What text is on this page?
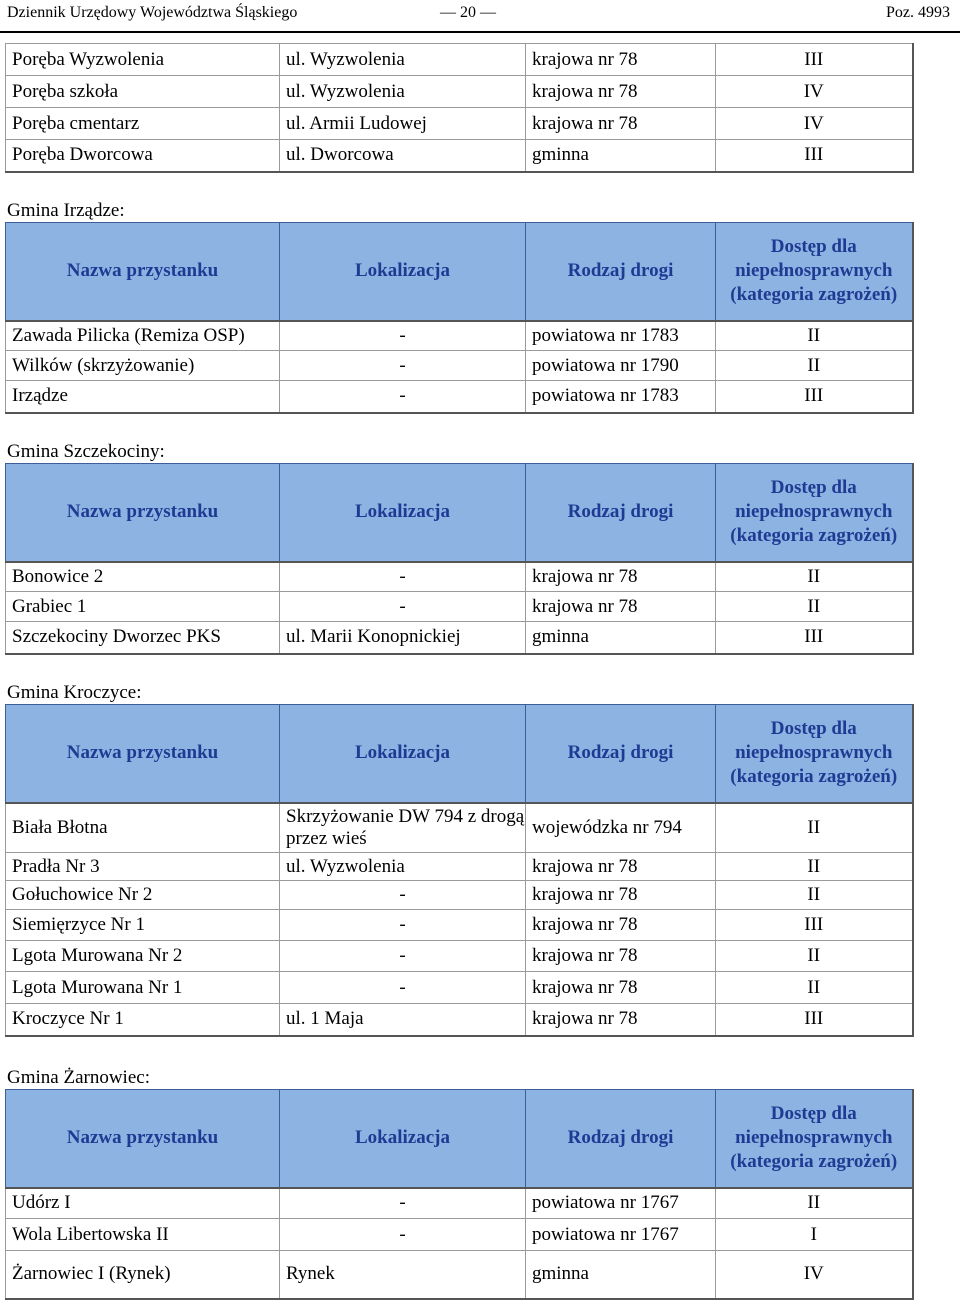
Dziennik Urzędowy Województwa Śląskiego	— 20 —	Poz. 4993
Poręba Wyzwolenia	ul. Wyzwolenia	krajowa nr 78	III
Poręba szkoła	ul. Wyzwolenia	krajowa nr 78	IV
Poręba cmentarz	ul. Armii Ludowej	krajowa nr 78	IV
Poręba Dworcowa	ul. Dworcowa	gminna	III
Gmina Irządze:
Nazwa przystanku	Lokalizacja	Rodzaj drogi	Dostęp dla niepełnosprawnych (kategoria zagrożeń)
Zawada Pilicka (Remiza OSP)	-	powiatowa nr 1783	II
Wilków (skrzyżowanie)	-	powiatowa nr 1790	II
Irządze	-	powiatowa nr 1783	III
Gmina Szczekociny:
Nazwa przystanku	Lokalizacja	Rodzaj drogi	Dostęp dla niepełnosprawnych (kategoria zagrożeń)
Bonowice 2	-	krajowa nr 78	II
Grabiec 1	-	krajowa nr 78	II
Szczekociny Dworzec PKS	ul. Marii Konopnickiej	gminna	III
Gmina Kroczyce:
Nazwa przystanku	Lokalizacja	Rodzaj drogi	Dostęp dla niepełnosprawnych (kategoria zagrożeń)
Biała Błotna	Skrzyżowanie DW 794 z drogą przez wieś	wojewódzka nr 794	II
Pradła Nr 3	ul. Wyzwolenia	krajowa nr 78	II
Gołuchowice Nr 2	-	krajowa nr 78	II
Siemięrzyce Nr 1	-	krajowa nr 78	III
Lgota Murowana Nr 2	-	krajowa nr 78	II
Lgota Murowana Nr 1	-	krajowa nr 78	II
Kroczyce Nr 1	ul. 1 Maja	krajowa nr 78	III
Gmina Żarnowiec:
Nazwa przystanku	Lokalizacja	Rodzaj drogi	Dostęp dla niepełnosprawnych (kategoria zagrożeń)
Udórz I	-	powiatowa nr 1767	II
Wola Libertowska II	-	powiatowa nr 1767	I
Żarnowiec I (Rynek)	Rynek	gminna	IV
